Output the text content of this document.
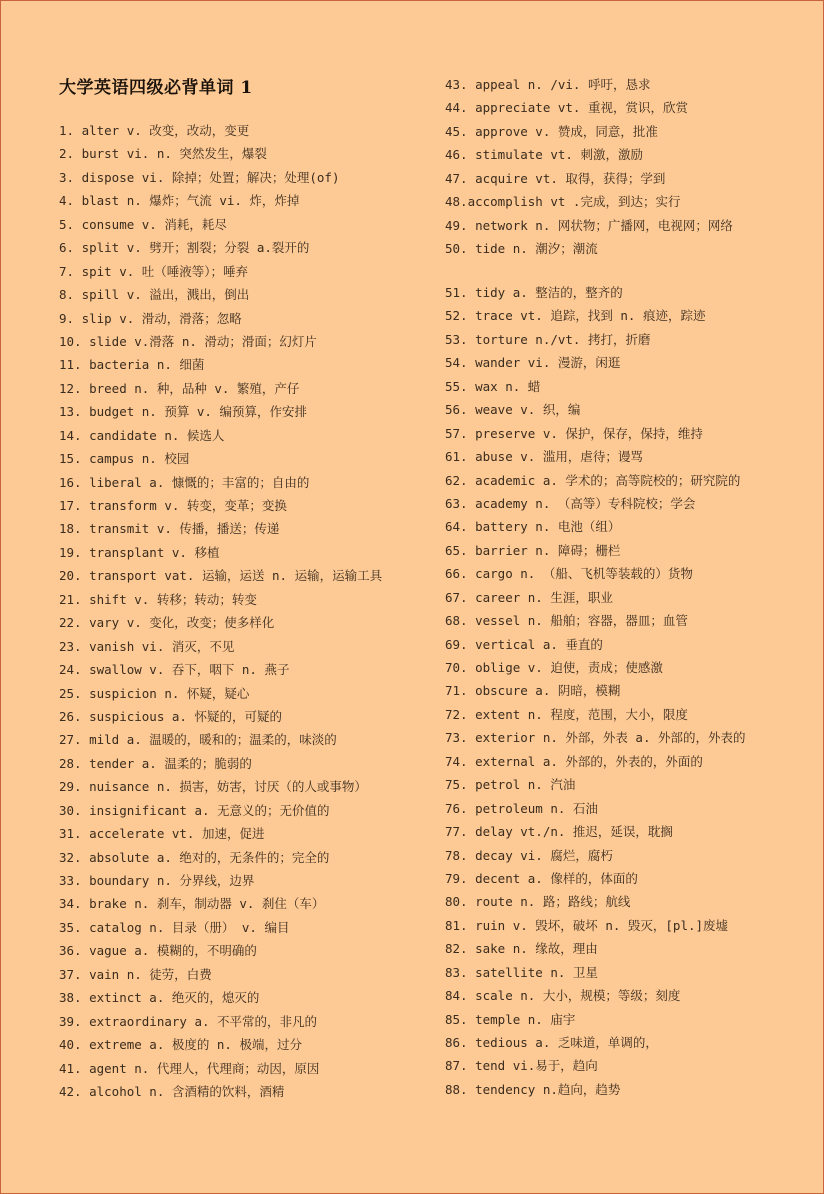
大学英语四级必背单词 1
1. alter v. 改变，改动，变更
2. burst vi. n. 突然发生，爆裂
3. dispose vi. 除掉；处置；解决；处理(of)
4. blast n. 爆炸；气流 vi. 炸，炸掉
5. consume v. 消耗，耗尽
6. split v. 劈开；割裂；分裂 a.裂开的
7. spit v. 吐（唾液等）；唾弃
8. spill v. 溢出，溅出，倒出
9. slip v. 滑动，滑落；忽略
10. slide v.滑落 n. 滑动；滑面；幻灯片
11. bacteria n. 细菌
12. breed n. 种，品种 v. 繁殖，产仔
13. budget n. 预算 v. 编预算，作安排
14. candidate n. 候选人
15. campus n. 校园
16. liberal a. 慷慨的；丰富的；自由的
17. transform v. 转变，变革；变换
18. transmit v. 传播，播送；传递
19. transplant v. 移植
20. transport vat. 运输，运送 n. 运输，运输工具
21. shift v. 转移；转动；转变
22. vary v. 变化，改变；使多样化
23. vanish vi. 消灭，不见
24. swallow v. 吞下，咽下 n. 燕子
25. suspicion n. 怀疑，疑心
26. suspicious a. 怀疑的，可疑的
27. mild a. 温暖的，暖和的；温柔的，味淡的
28. tender a. 温柔的；脆弱的
29. nuisance n. 损害，妨害，讨厌（的人或事物）
30. insignificant a. 无意义的；无价值的
31. accelerate vt. 加速，促进
32. absolute a. 绝对的，无条件的；完全的
33. boundary n. 分界线，边界
34. brake n. 刹车，制动器 v. 刹住（车）
35. catalog n. 目录（册） v. 编目
36. vague a. 模糊的，不明确的
37. vain n. 徒劳，白费
38. extinct a. 绝灭的，熄灭的
39. extraordinary a. 不平常的，非凡的
40. extreme a. 极度的 n. 极端，过分
41. agent n. 代理人，代理商；动因，原因
42. alcohol n. 含酒精的饮料，酒精
43. appeal n. /vi. 呼吁，恳求
44. appreciate vt. 重视，赏识，欣赏
45. approve v. 赞成，同意，批准
46. stimulate vt. 刺激，激励
47. acquire vt. 取得，获得；学到
48.accomplish vt .完成，到达；实行
49. network n. 网状物；广播网，电视网；网络
50. tide n. 潮汐；潮流
51. tidy a. 整洁的，整齐的
52. trace vt. 追踪，找到 n. 痕迹，踪迹
53. torture n./vt. 拷打，折磨
54. wander vi. 漫游，闲逛
55. wax n. 蜡
56. weave v. 织，编
57. preserve v. 保护，保存，保持，维持
61. abuse v. 滥用，虐待；谩骂
62. academic a. 学术的；高等院校的；研究院的
63. academy n. （高等）专科院校；学会
64. battery n. 电池（组）
65. barrier n. 障碍；栅栏
66. cargo n. （船、飞机等装载的）货物
67. career n. 生涯，职业
68. vessel n. 船舶；容器，器皿；血管
69. vertical a. 垂直的
70. oblige v. 迫使，责成；使感激
71. obscure a. 阴暗，模糊
72. extent n. 程度，范围，大小，限度
73. exterior n. 外部，外表 a. 外部的，外表的
74. external a. 外部的，外表的，外面的
75. petrol n. 汽油
76. petroleum n. 石油
77. delay vt./n. 推迟，延误，耽搁
78. decay vi. 腐烂，腐朽
79. decent a. 像样的，体面的
80. route n. 路；路线；航线
81. ruin v. 毁坏，破坏 n. 毁灭，[pl.]废墟
82. sake n. 缘故，理由
83. satellite n. 卫星
84. scale n. 大小，规模；等级；刻度
85. temple n. 庙宇
86. tedious a. 乏味道，单调的，
87. tend vi.易于，趋向
88. tendency n.趋向，趋势
